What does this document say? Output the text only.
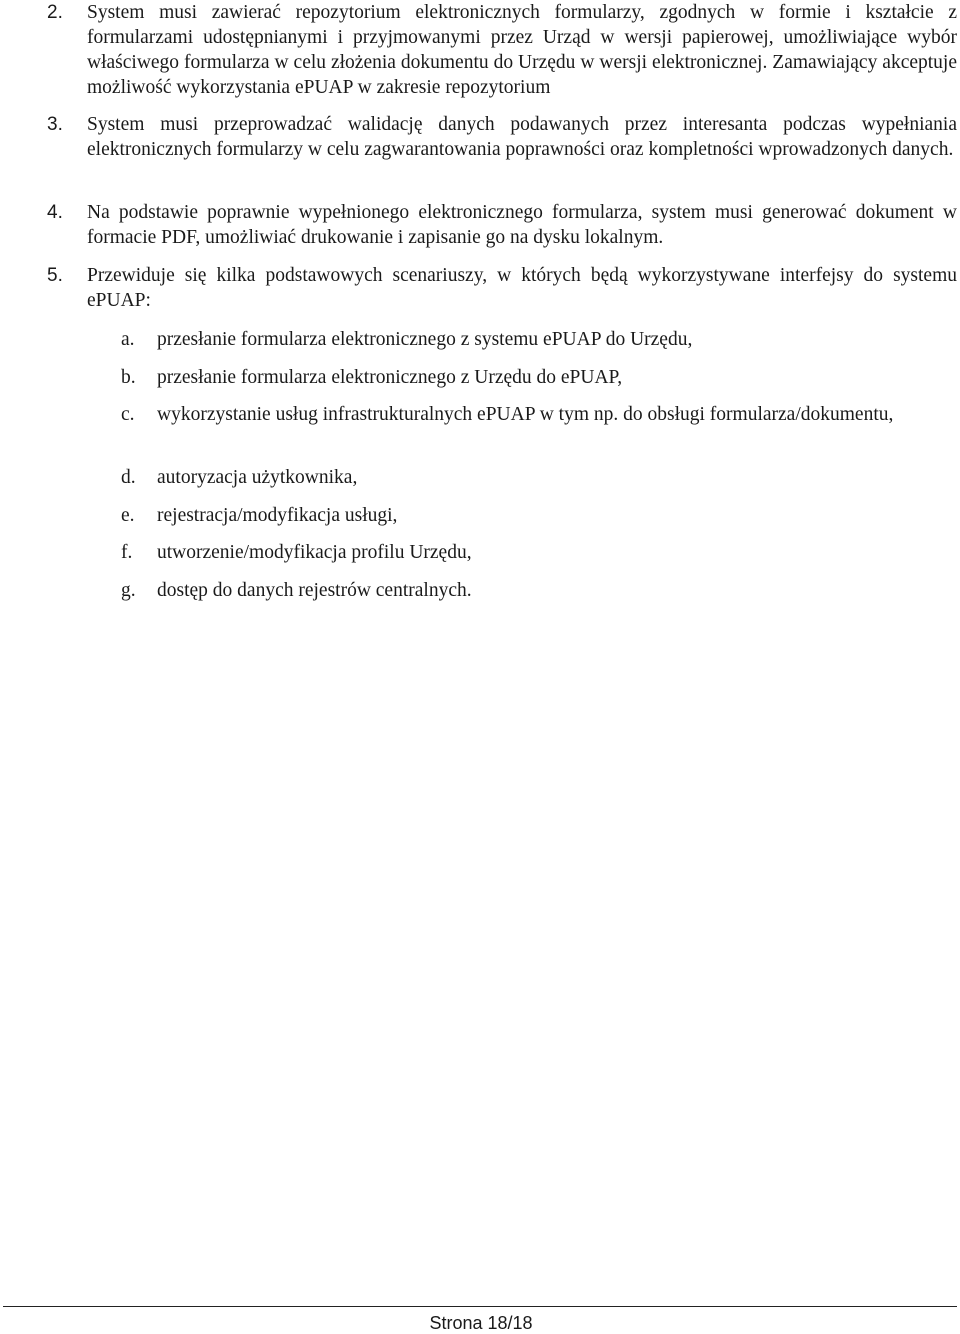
2. System musi zawierać repozytorium elektronicznych formularzy, zgodnych w formie i kształcie z formularzami udostępnianymi i przyjmowanymi przez Urząd w wersji papierowej, umożliwiające wybór właściwego formularza w celu złożenia dokumentu do Urzędu w wersji elektronicznej. Zamawiający akceptuje możliwość wykorzystania ePUAP w zakresie repozytorium

3. System musi przeprowadzać walidację danych podawanych przez interesanta podczas wypełniania elektronicznych formularzy w celu zagwarantowania poprawności oraz kompletności wprowadzonych danych.

4. Na podstawie poprawnie wypełnionego elektronicznego formularza, system musi generować dokument w formacie PDF, umożliwiać drukowanie i zapisanie go na dysku lokalnym.

5. Przewiduje się kilka podstawowych scenariuszy, w których będą wykorzystywane interfejsy do systemu ePUAP:

a. przesłanie formularza elektronicznego z systemu ePUAP do Urzędu,

b. przesłanie formularza elektronicznego z Urzędu do ePUAP,

c. wykorzystanie usług infrastrukturalnych ePUAP w tym np. do obsługi formularza/dokumentu,

d. autoryzacja użytkownika,

e. rejestracja/modyfikacja usługi,

f. utworzenie/modyfikacja profilu Urzędu,

g. dostęp do danych rejestrów centralnych.

Strona 18/18
